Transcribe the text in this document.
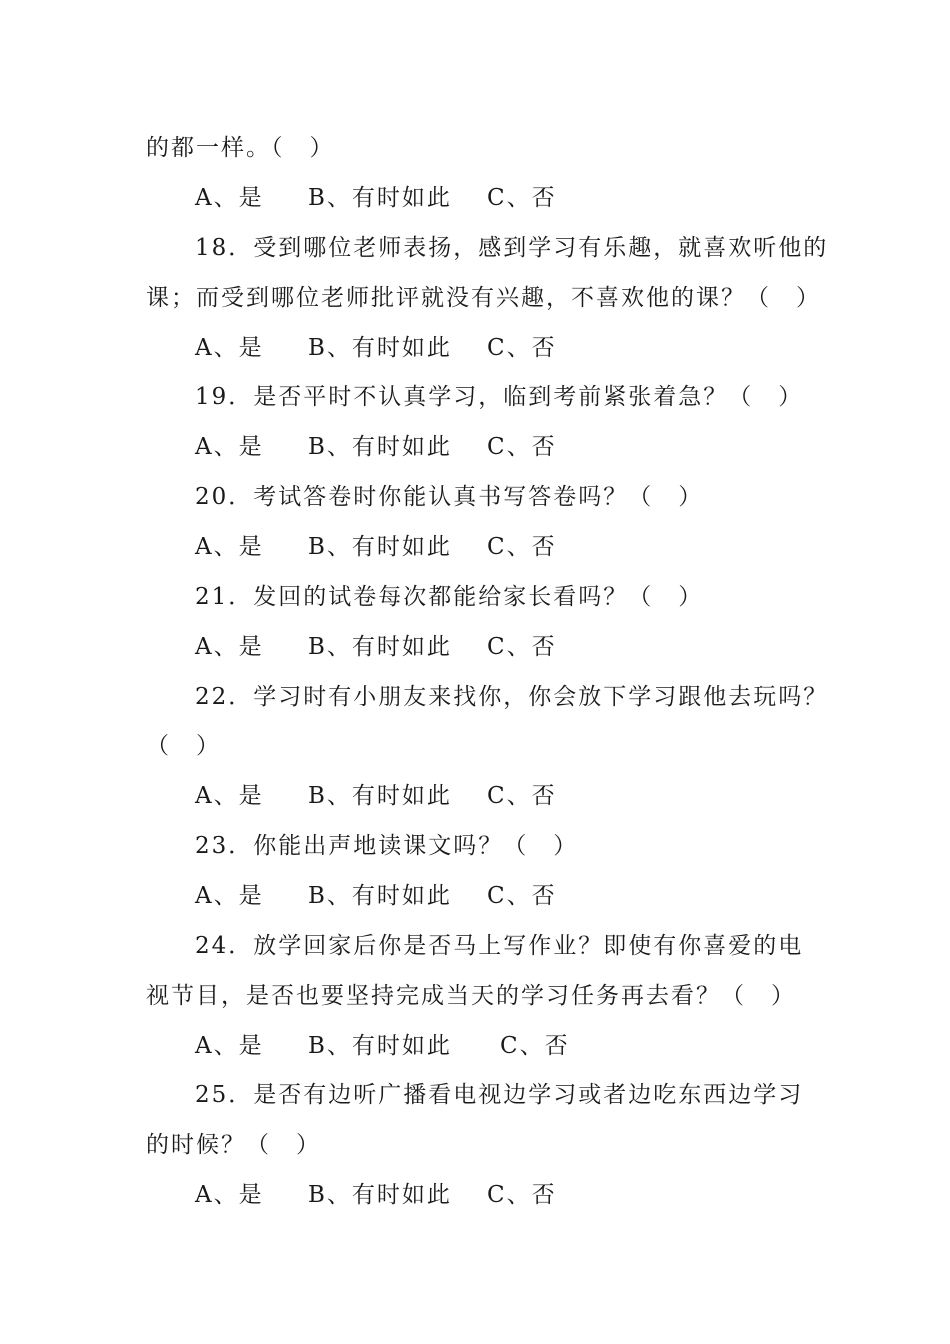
的都一样。（　）
A、是 B、有时如此 C、否
18．受到哪位老师表扬，感到学习有乐趣，就喜欢听他的
课；而受到哪位老师批评就没有兴趣，不喜欢他的课？（　）
A、是 B、有时如此 C、否
19．是否平时不认真学习，临到考前紧张着急？（　）
A、是 B、有时如此 C、否
20．考试答卷时你能认真书写答卷吗？（　）
A、是 B、有时如此 C、否
21．发回的试卷每次都能给家长看吗？（　）
A、是 B、有时如此 C、否
22．学习时有小朋友来找你，你会放下学习跟他去玩吗？
（　）
A、是 B、有时如此 C、否
23．你能出声地读课文吗？（　）
A、是 B、有时如此 C、否
24．放学回家后你是否马上写作业？即使有你喜爱的电
视节目，是否也要坚持完成当天的学习任务再去看？（　）
A、是 B、有时如此 C、否
25．是否有边听广播看电视边学习或者边吃东西边学习
的时候？（　）
A、是 B、有时如此 C、否
